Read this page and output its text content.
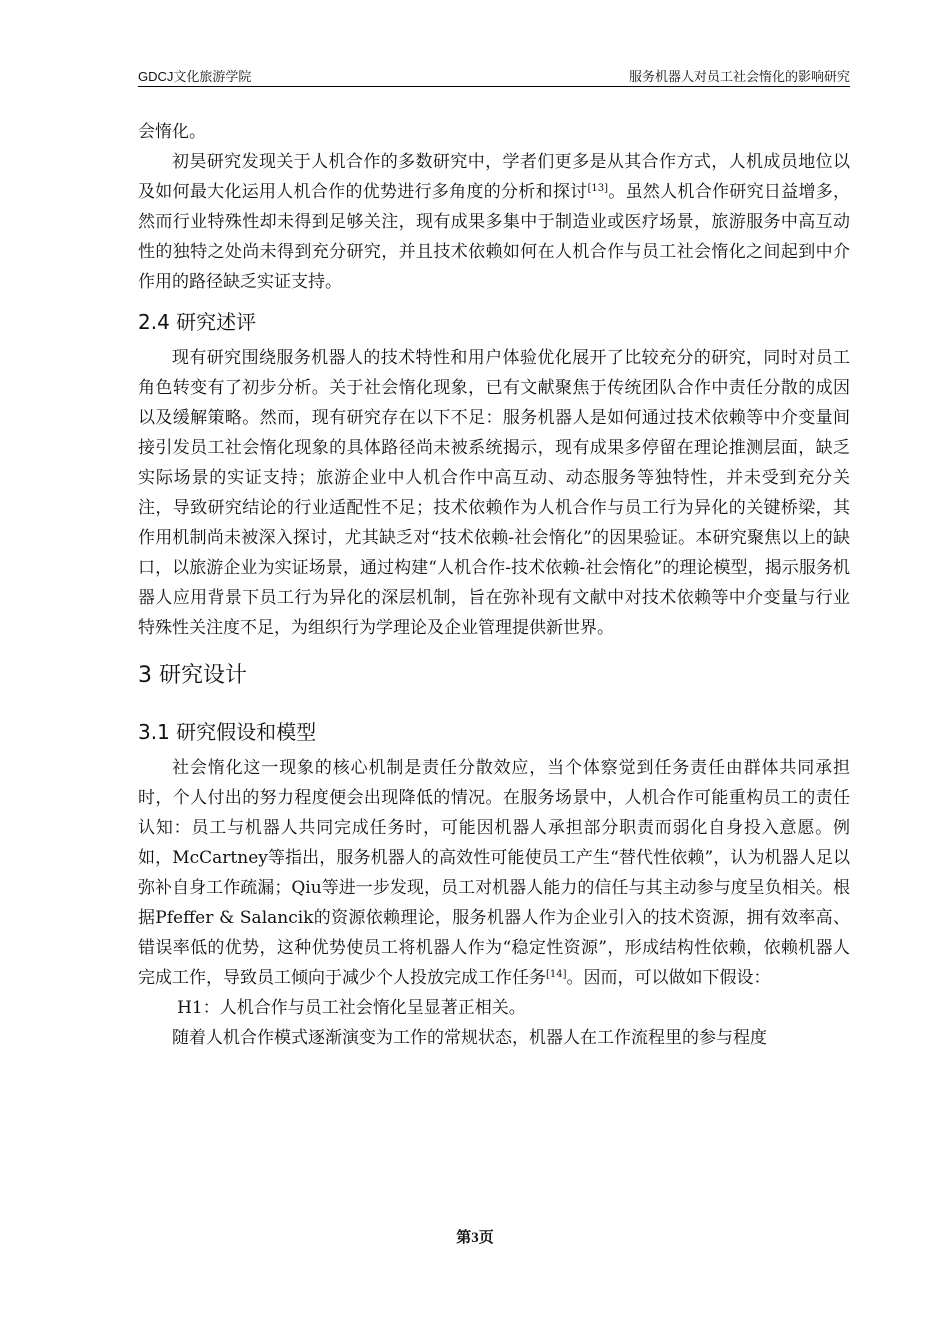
GDCJ文化旅游学院	服务机器人对员工社会惰化的影响研究

会惰化。

初昊研究发现关于人机合作的多数研究中，学者们更多是从其合作方式，人机成员地位以及如何最大化运用人机合作的优势进行多角度的分析和探讨[13]。虽然人机合作研究日益增多，然而行业特殊性却未得到足够关注，现有成果多集中于制造业或医疗场景，旅游服务中高互动性的独特之处尚未得到充分研究，并且技术依赖如何在人机合作与员工社会惰化之间起到中介作用的路径缺乏实证支持。

2.4 研究述评

现有研究围绕服务机器人的技术特性和用户体验优化展开了比较充分的研究，同时对员工角色转变有了初步分析。关于社会惰化现象，已有文献聚焦于传统团队合作中责任分散的成因以及缓解策略。然而，现有研究存在以下不足：服务机器人是如何通过技术依赖等中介变量间接引发员工社会惰化现象的具体路径尚未被系统揭示，现有成果多停留在理论推测层面，缺乏实际场景的实证支持；旅游企业中人机合作中高互动、动态服务等独特性，并未受到充分关注，导致研究结论的行业适配性不足；技术依赖作为人机合作与员工行为异化的关键桥梁，其作用机制尚未被深入探讨，尤其缺乏对“技术依赖-社会惰化”的因果验证。本研究聚焦以上的缺口，以旅游企业为实证场景，通过构建“人机合作-技术依赖-社会惰化”的理论模型，揭示服务机器人应用背景下员工行为异化的深层机制，旨在弥补现有文献中对技术依赖等中介变量与行业特殊性关注度不足，为组织行为学理论及企业管理提供新世界。

3 研究设计
3.1 研究假设和模型

社会惰化这一现象的核心机制是责任分散效应，当个体察觉到任务责任由群体共同承担时，个人付出的努力程度便会出现降低的情况。在服务场景中，人机合作可能重构员工的责任认知：员工与机器人共同完成任务时，可能因机器人承担部分职责而弱化自身投入意愿。例如，McCartney等指出，服务机器人的高效性可能使员工产生“替代性依赖”，认为机器人足以弥补自身工作疏漏；Qiu等进一步发现，员工对机器人能力的信任与其主动参与度呈负相关。根据Pfeffer & Salancik的资源依赖理论，服务机器人作为企业引入的技术资源，拥有效率高、错误率低的优势，这种优势使员工将机器人作为“稳定性资源”，形成结构性依赖，依赖机器人完成工作，导致员工倾向于减少个人投放完成工作任务[14]。因而，可以做如下假设：

H1：人机合作与员工社会惰化呈显著正相关。

随着人机合作模式逐渐演变为工作的常规状态，机器人在工作流程里的参与程度

第3页
